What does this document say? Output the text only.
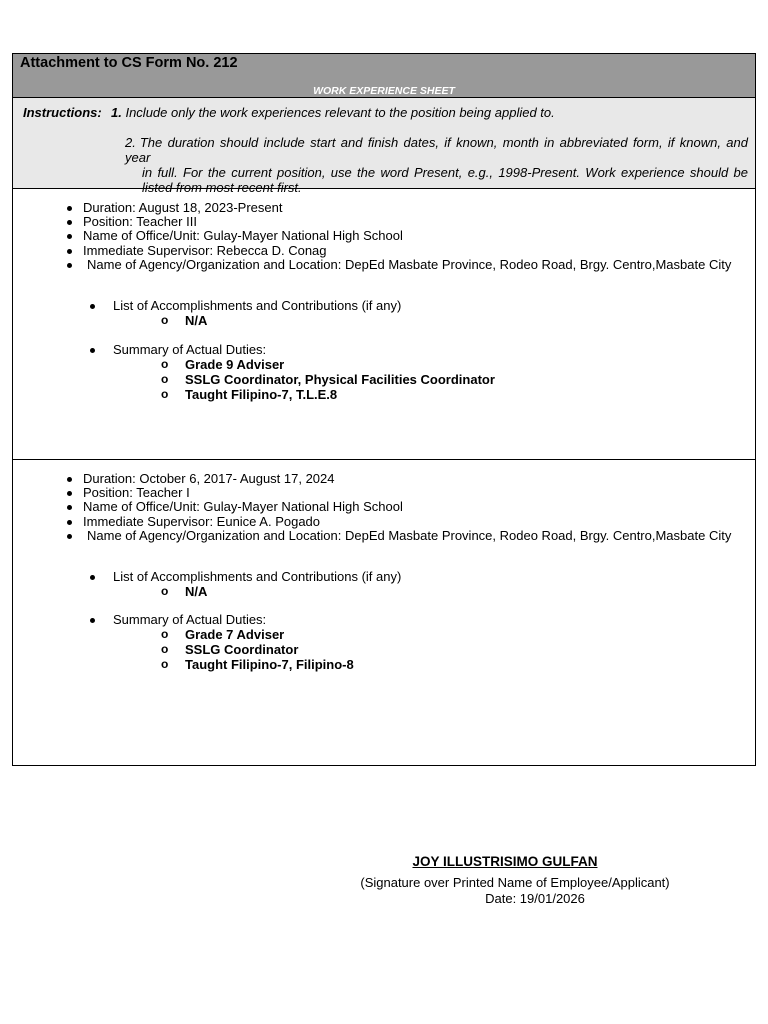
Attachment to CS Form No. 212
WORK EXPERIENCE SHEET
Instructions: 1. Include only the work experiences relevant to the position being applied to.
2. The duration should include start and finish dates, if known, month in abbreviated form, if known, and year
in full. For the current position, use the word Present, e.g., 1998-Present. Work experience should be listed from most recent first.
Duration: August 18, 2023-Present
Position: Teacher III
Name of Office/Unit: Gulay-Mayer National High School
Immediate Supervisor: Rebecca D. Conag
Name of Agency/Organization and Location: DepEd Masbate Province, Rodeo Road, Brgy. Centro,Masbate City
List of Accomplishments and Contributions (if any)
o N/A
Summary of Actual Duties:
o Grade 9 Adviser
o SSLG Coordinator, Physical Facilities Coordinator
o Taught Filipino-7, T.L.E.8
Duration: October 6, 2017- August 17, 2024
Position: Teacher I
Name of Office/Unit: Gulay-Mayer National High School
Immediate Supervisor: Eunice A. Pogado
Name of Agency/Organization and Location: DepEd Masbate Province, Rodeo Road, Brgy. Centro,Masbate City
List of Accomplishments and Contributions (if any)
o N/A
Summary of Actual Duties:
o Grade 7 Adviser
o SSLG Coordinator
o Taught Filipino-7, Filipino-8
JOY ILLUSTRISIMO GULFAN
(Signature over Printed Name of Employee/Applicant)
Date: 19/01/2026
